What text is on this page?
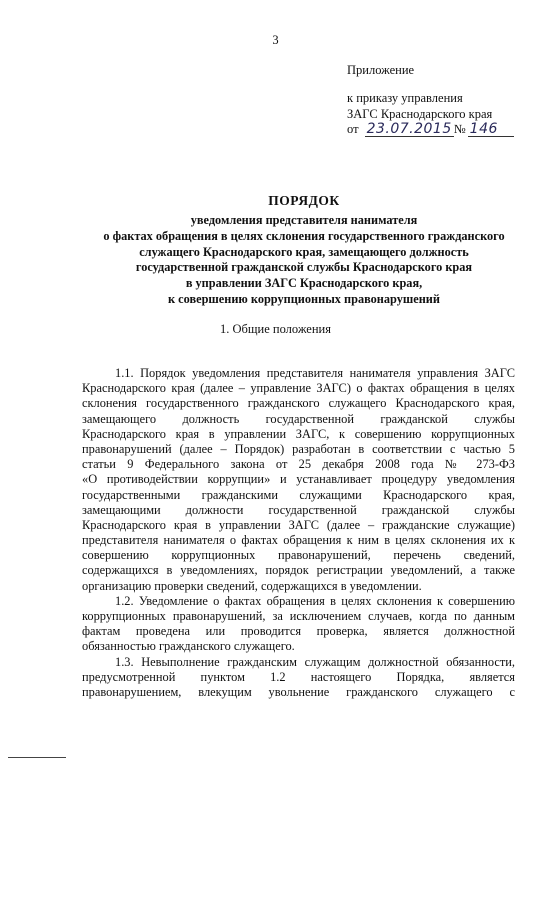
3
Приложение
к приказу управления
ЗАГС Краснодарского края
от 23.07.2015 № 146
ПОРЯДОК
уведомления представителя нанимателя
о фактах обращения в целях склонения государственного гражданского
служащего Краснодарского края, замещающего должность
государственной гражданской службы Краснодарского края
в управлении ЗАГС Краснодарского края,
к совершению коррупционных правонарушений
1. Общие положения
1.1. Порядок уведомления представителя нанимателя управления ЗАГС
Краснодарского края (далее – управление ЗАГС) о фактах обращения в целях
склонения государственного гражданского служащего Краснодарского края,
замещающего должность государственной гражданской службы
Краснодарского края в управлении ЗАГС, к совершению коррупционных
правонарушений (далее – Порядок) разработан в соответствии с частью 5
статьи 9 Федерального закона от 25 декабря 2008 года № 273-ФЗ
«О противодействии коррупции» и устанавливает процедуру уведомления
государственными гражданскими служащими Краснодарского края,
замещающими должности государственной гражданской службы
Краснодарского края в управлении ЗАГС (далее – гражданские служащие)
представителя нанимателя о фактах обращения к ним в целях склонения их к
совершению коррупционных правонарушений, перечень сведений,
содержащихся в уведомлениях, порядок регистрации уведомлений, а также
организацию проверки сведений, содержащихся в уведомлении.
1.2. Уведомление о фактах обращения в целях склонения к совершению
коррупционных правонарушений, за исключением случаев, когда по данным
фактам проведена или проводится проверка, является должностной
обязанностью гражданского служащего.
1.3. Невыполнение гражданским служащим должностной обязанности,
предусмотренной пунктом 1.2 настоящего Порядка, является
правонарушением, влекущим увольнение гражданского служащего с
